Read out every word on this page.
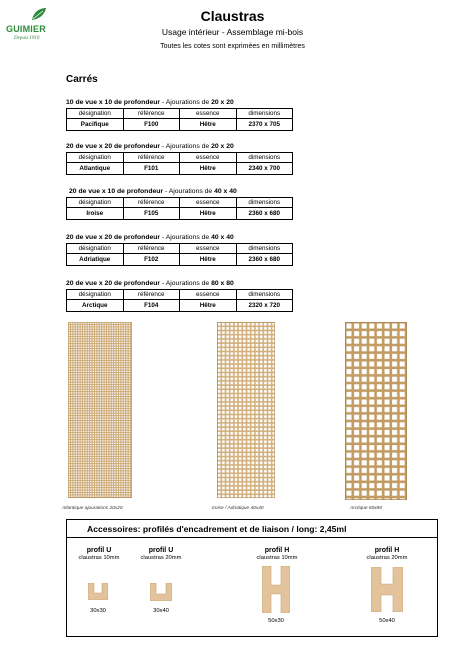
GUIMIER
Depuis 1910
Claustras
Usage intérieur - Assemblage mi-bois
Toutes les cotes sont exprimées en millimètres
Carrés
10 de vue x 10 de profondeur - Ajourations de 20 x 20
désignation	référence	essence	dimensions
Pacifique	F100	Hêtre	2370 x 705
20 de vue x 20 de profondeur - Ajourations de 20 x 20
désignation	référence	essence	dimensions
Atlantique	F101	Hêtre	2340 x 700
20 de vue x 10 de profondeur - Ajourations de 40 x 40
désignation	référence	essence	dimensions
Iroise	F105	Hêtre	2360 x 680
20 de vue x 20 de profondeur - Ajourations de 40 x 40
désignation	référence	essence	dimensions
Adriatique	F102	Hêtre	2360 x 680
20 de vue x 20 de profondeur - Ajourations de 80 x 80
désignation	référence	essence	dimensions
Arctique	F104	Hêtre	2320 x 720
Atlantique ajourations 20x20	Iroise / Adriatique 40x40	Arctique 80x80
Accessoires: profilés d'encadrement et de liaison / long: 2,45ml
profil U
claustras 10mm
30x30
profil U
claustras 20mm
30x40
profil H
claustras 10mm
50x30
profil H
claustras 20mm
50x40
